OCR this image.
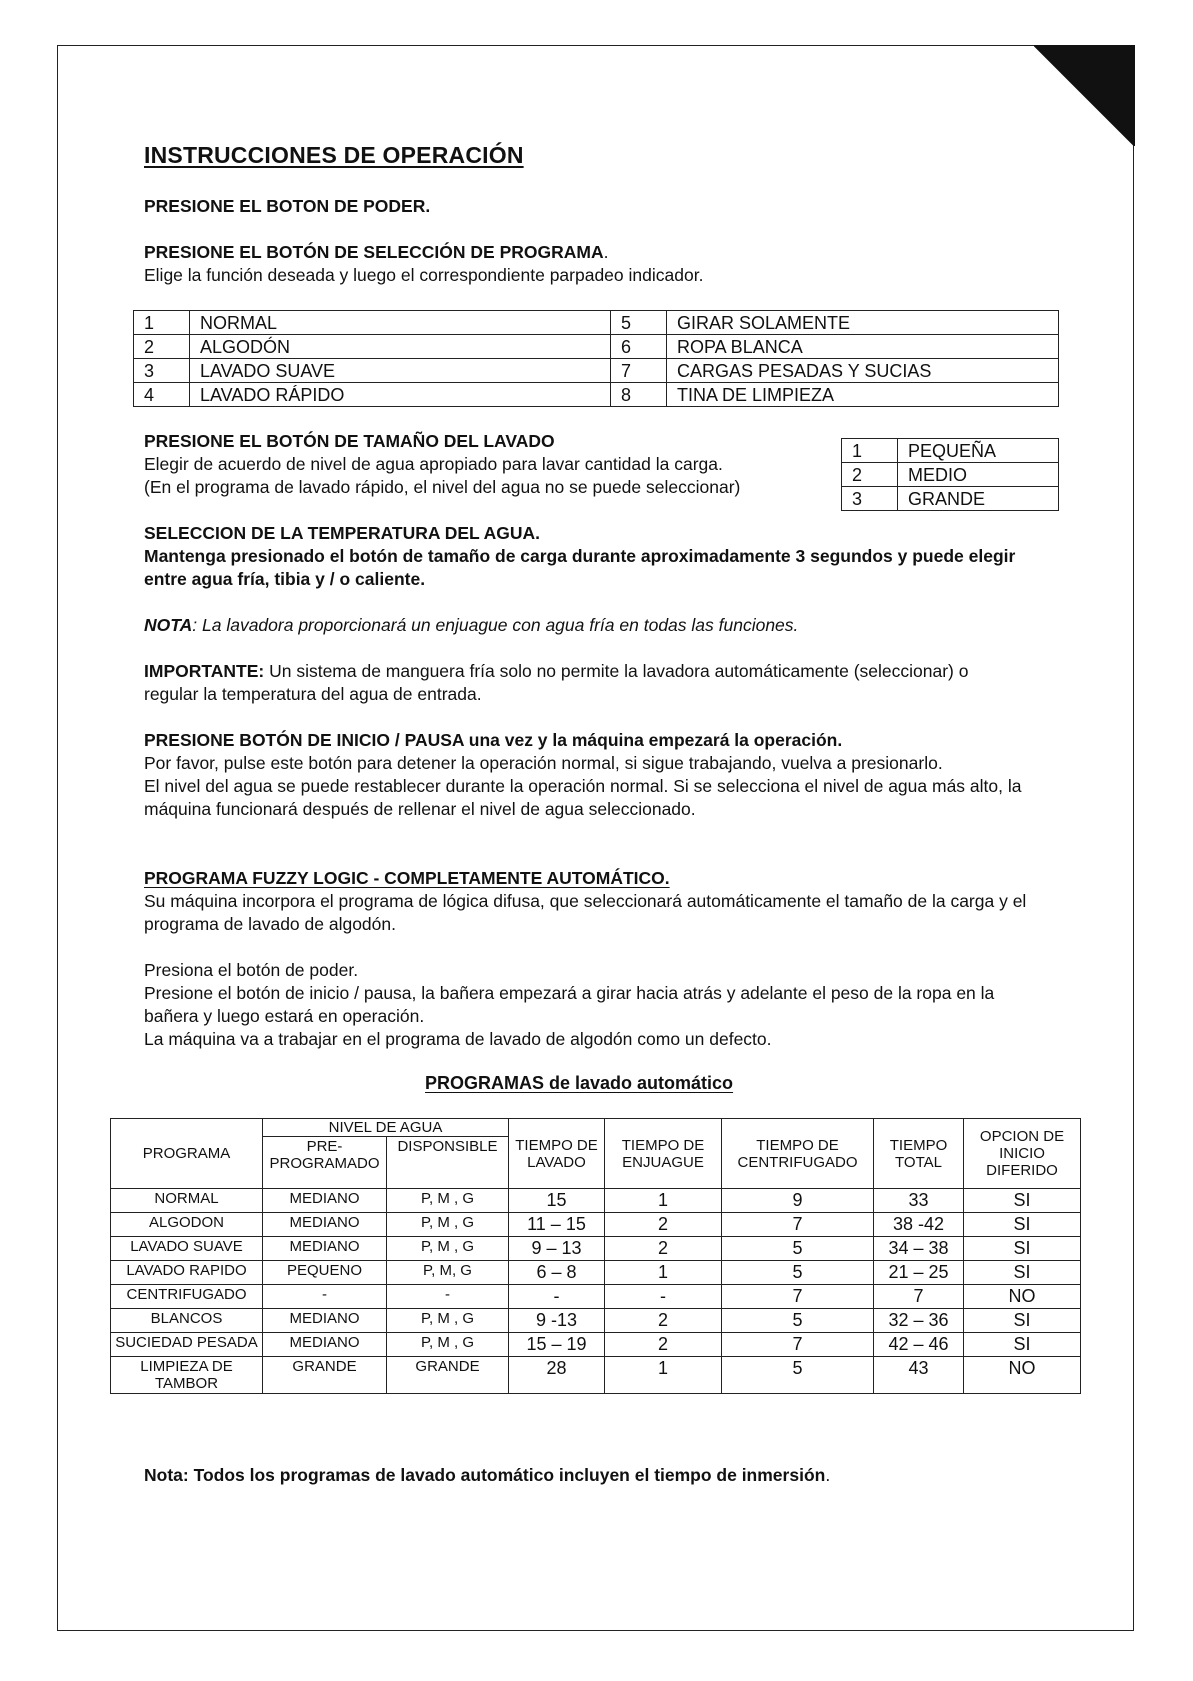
INSTRUCCIONES DE OPERACIÓN
PRESIONE EL BOTON DE PODER.
PRESIONE EL BOTÓN DE SELECCIÓN DE PROGRAMA.
Elige la función deseada y luego el correspondiente parpadeo indicador.
1	NORMAL	5	GIRAR SOLAMENTE
2	ALGODÓN	6	ROPA BLANCA
3	LAVADO SUAVE	7	CARGAS PESADAS Y SUCIAS
4	LAVADO RÁPIDO	8	TINA DE LIMPIEZA
PRESIONE EL BOTÓN DE TAMAÑO DEL LAVADO
Elegir de acuerdo de nivel de agua apropiado para lavar cantidad la carga.
(En el programa de lavado rápido, el nivel del agua no se puede seleccionar)
1	PEQUEÑA
2	MEDIO
3	GRANDE
SELECCION DE LA TEMPERATURA DEL AGUA.
Mantenga presionado el botón de tamaño de carga durante aproximadamente 3 segundos y puede elegir entre agua fría, tibia y / o caliente.
NOTA: La lavadora proporcionará un enjuague con agua fría en todas las funciones.
IMPORTANTE: Un sistema de manguera fría solo no permite la lavadora automáticamente (seleccionar) o regular la temperatura del agua de entrada.
PRESIONE BOTÓN DE INICIO / PAUSA una vez y la máquina empezará la operación.
Por favor, pulse este botón para detener la operación normal, si sigue trabajando, vuelva a presionarlo.
El nivel del agua se puede restablecer durante la operación normal. Si se selecciona el nivel de agua más alto, la máquina funcionará después de rellenar el nivel de agua seleccionado.
PROGRAMA FUZZY LOGIC - COMPLETAMENTE AUTOMÁTICO.
Su máquina incorpora el programa de lógica difusa, que seleccionará automáticamente el tamaño de la carga y el programa de lavado de algodón.
Presiona el botón de poder.
Presione el botón de inicio / pausa, la bañera empezará a girar hacia atrás y adelante el peso de la ropa en la bañera y luego estará en operación.
La máquina va a trabajar en el programa de lavado de algodón como un defecto.
PROGRAMAS de lavado automático
PROGRAMA	NIVEL DE AGUA		TIEMPO DE LAVADO	TIEMPO DE ENJUAGUE	TIEMPO DE CENTRIFUGADO	TIEMPO TOTAL	OPCION DE INICIO DIFERIDO
	PRE-PROGRAMADO	DISPONSIBLE					
NORMAL	MEDIANO	P, M , G	15	1	9	33	SI
ALGODON	MEDIANO	P, M , G	11 – 15	2	7	38 -42	SI
LAVADO SUAVE	MEDIANO	P, M , G	9 – 13	2	5	34 – 38	SI
LAVADO RAPIDO	PEQUENO	P, M, G	6 – 8	1	5	21 – 25	SI
CENTRIFUGADO	-	-	-	-	7	7	NO
BLANCOS	MEDIANO	P, M , G	9 -13	2	5	32 – 36	SI
SUCIEDAD PESADA	MEDIANO	P, M , G	15 – 19	2	7	42 – 46	SI
LIMPIEZA DE TAMBOR	GRANDE	GRANDE	28	1	5	43	NO
Nota: Todos los programas de lavado automático incluyen el tiempo de inmersión.
